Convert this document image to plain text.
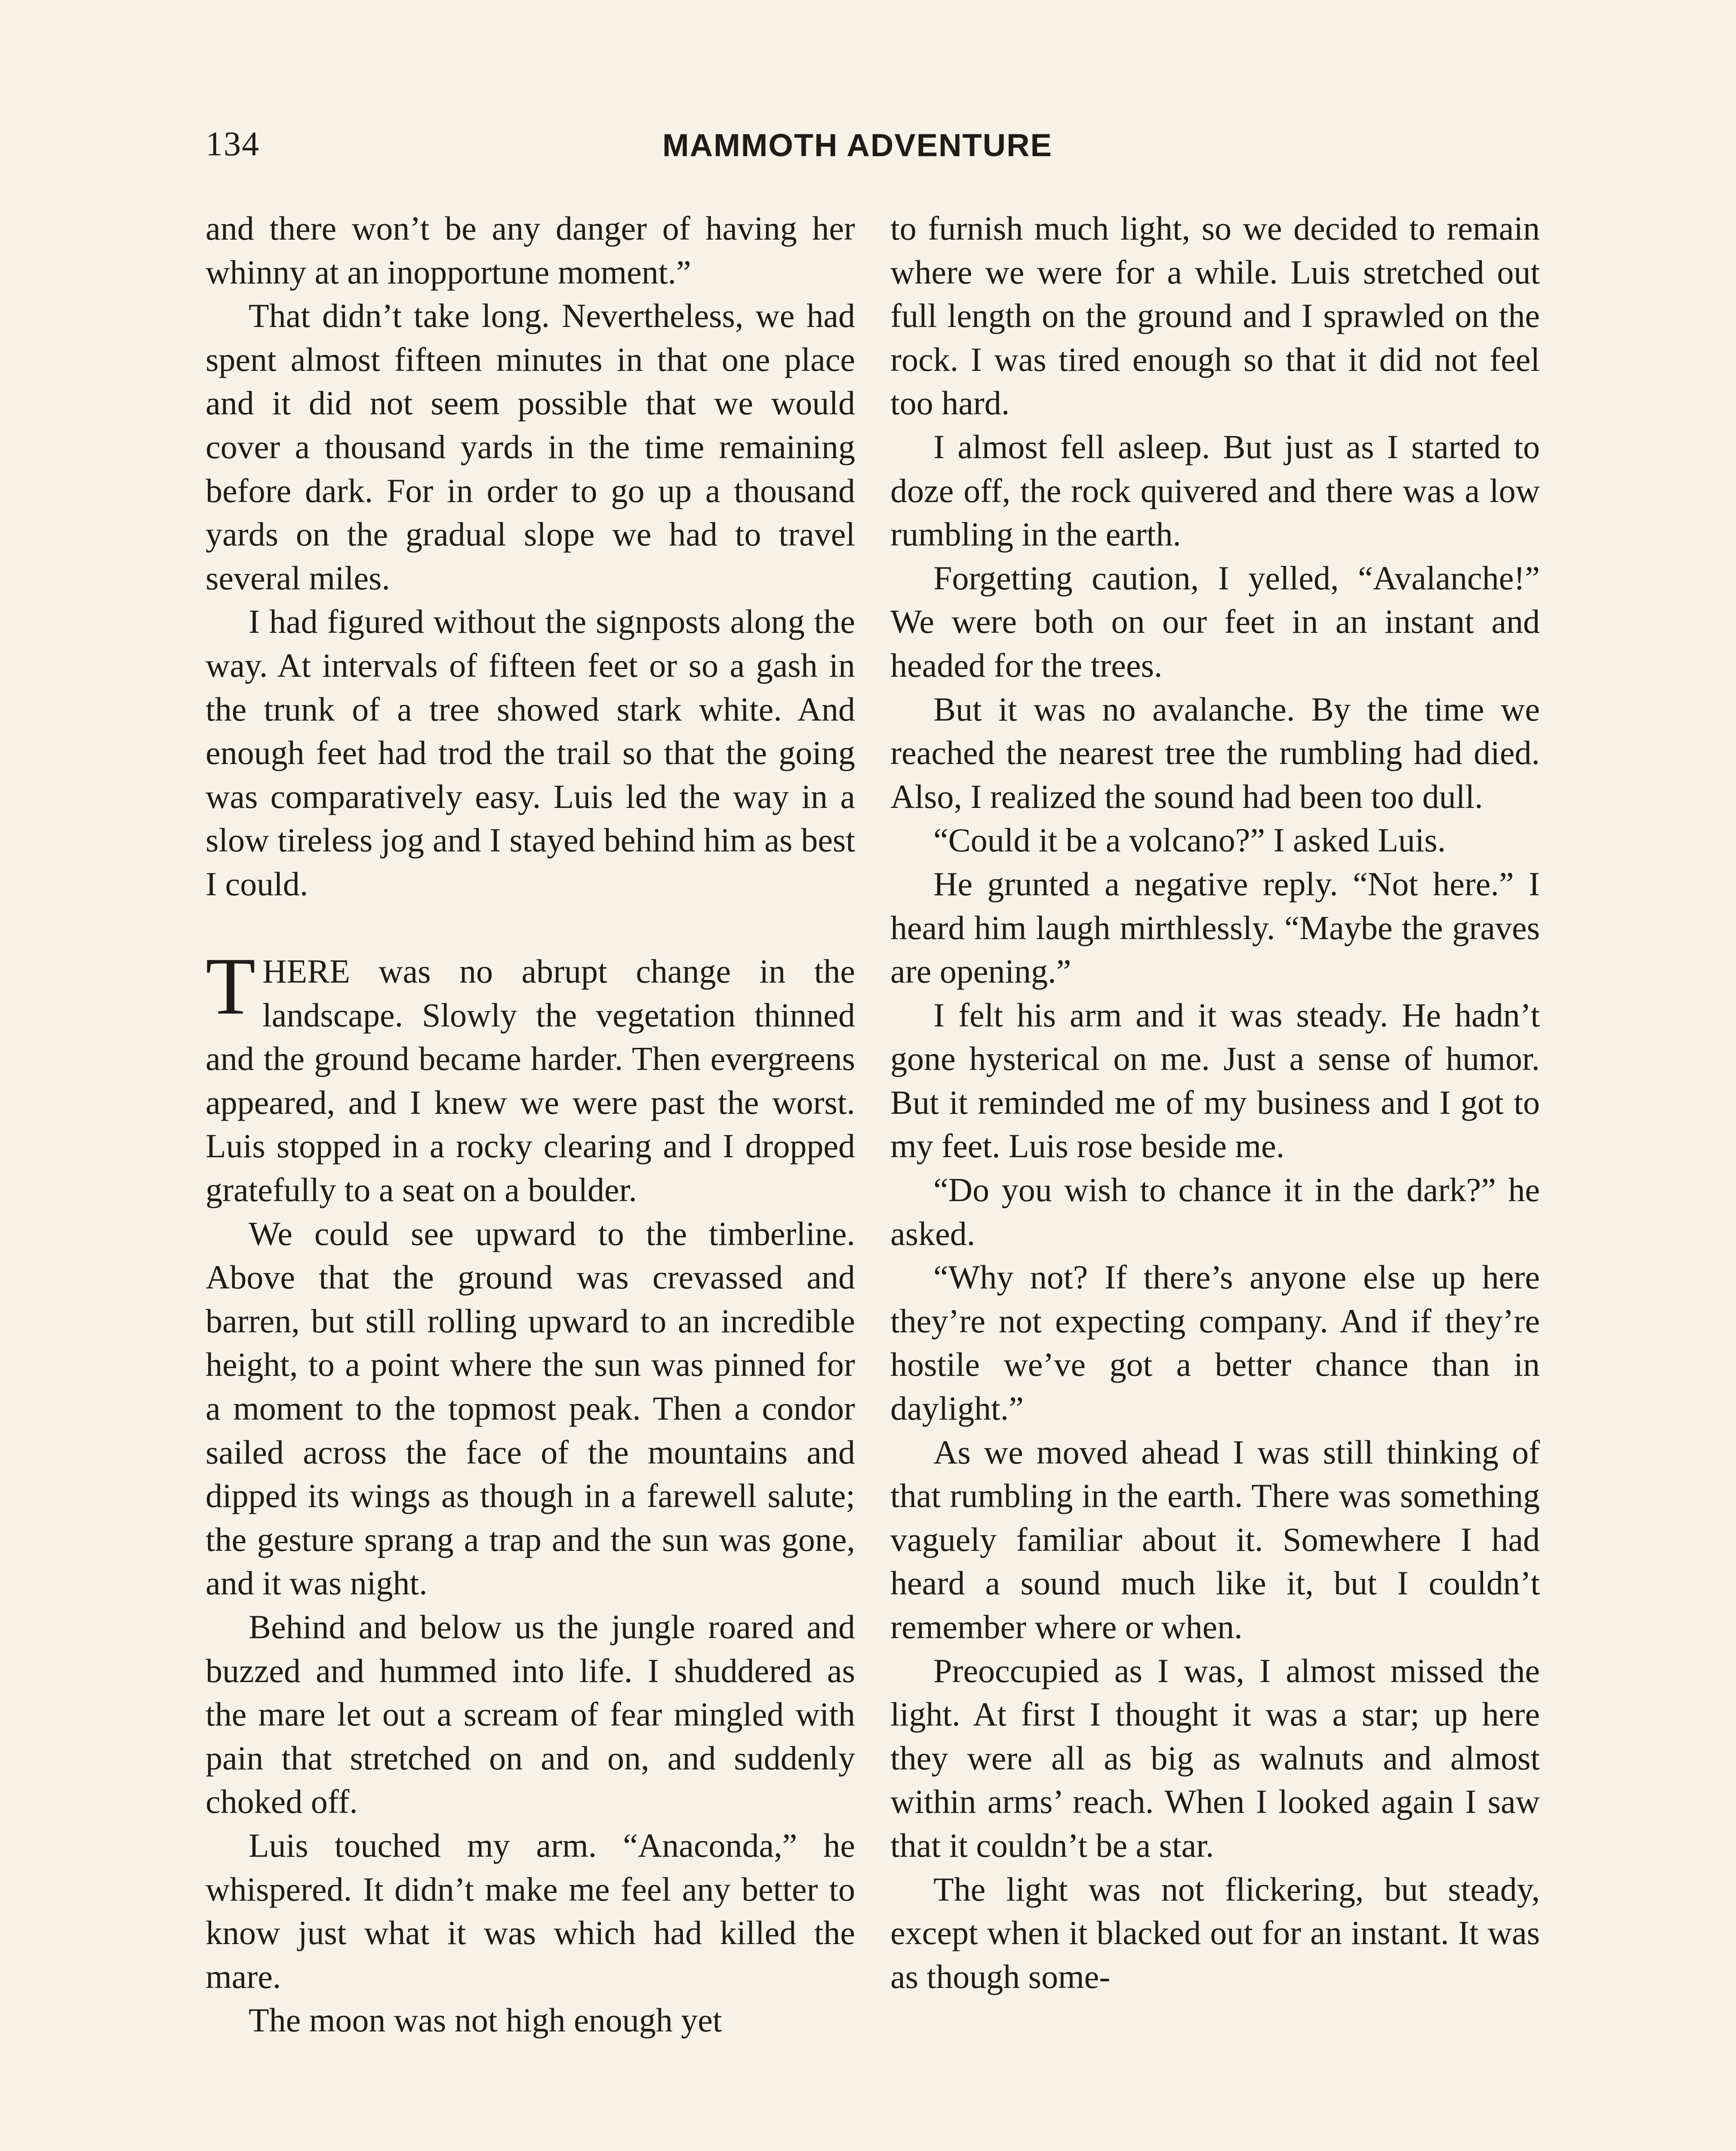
134	MAMMOTH ADVENTURE

and there won’t be any danger of having her whinny at an inopportune moment.”

That didn’t take long. Nevertheless, we had spent almost fifteen minutes in that one place and it did not seem possible that we would cover a thousand yards in the time remaining before dark. For in order to go up a thousand yards on the gradual slope we had to travel several miles.

I had figured without the signposts along the way. At intervals of fifteen feet or so a gash in the trunk of a tree showed stark white. And enough feet had trod the trail so that the going was comparatively easy. Luis led the way in a slow tireless jog and I stayed behind him as best I could.

THERE was no abrupt change in the landscape. Slowly the vegetation thinned and the ground became harder. Then evergreens appeared, and I knew we were past the worst. Luis stopped in a rocky clearing and I dropped gratefully to a seat on a boulder.

We could see upward to the timberline. Above that the ground was crevassed and barren, but still rolling upward to an incredible height, to a point where the sun was pinned for a moment to the topmost peak. Then a condor sailed across the face of the mountains and dipped its wings as though in a farewell salute; the gesture sprang a trap and the sun was gone, and it was night.

Behind and below us the jungle roared and buzzed and hummed into life. I shuddered as the mare let out a scream of fear mingled with pain that stretched on and on, and suddenly choked off.

Luis touched my arm. “Anaconda,” he whispered. It didn’t make me feel any better to know just what it was which had killed the mare.

The moon was not high enough yet

to furnish much light, so we decided to remain where we were for a while. Luis stretched out full length on the ground and I sprawled on the rock. I was tired enough so that it did not feel too hard.

I almost fell asleep. But just as I started to doze off, the rock quivered and there was a low rumbling in the earth.

Forgetting caution, I yelled, “Avalanche!” We were both on our feet in an instant and headed for the trees.

But it was no avalanche. By the time we reached the nearest tree the rumbling had died. Also, I realized the sound had been too dull.

“Could it be a volcano?” I asked Luis.

He grunted a negative reply. “Not here.” I heard him laugh mirthlessly. “Maybe the graves are opening.”

I felt his arm and it was steady. He hadn’t gone hysterical on me. Just a sense of humor. But it reminded me of my business and I got to my feet. Luis rose beside me.

“Do you wish to chance it in the dark?” he asked.

“Why not? If there’s anyone else up here they’re not expecting company. And if they’re hostile we’ve got a better chance than in daylight.”

As we moved ahead I was still thinking of that rumbling in the earth. There was something vaguely familiar about it. Somewhere I had heard a sound much like it, but I couldn’t remember where or when.

Preoccupied as I was, I almost missed the light. At first I thought it was a star; up here they were all as big as walnuts and almost within arms’ reach. When I looked again I saw that it couldn’t be a star.

The light was not flickering, but steady, except when it blacked out for an instant. It was as though some-
